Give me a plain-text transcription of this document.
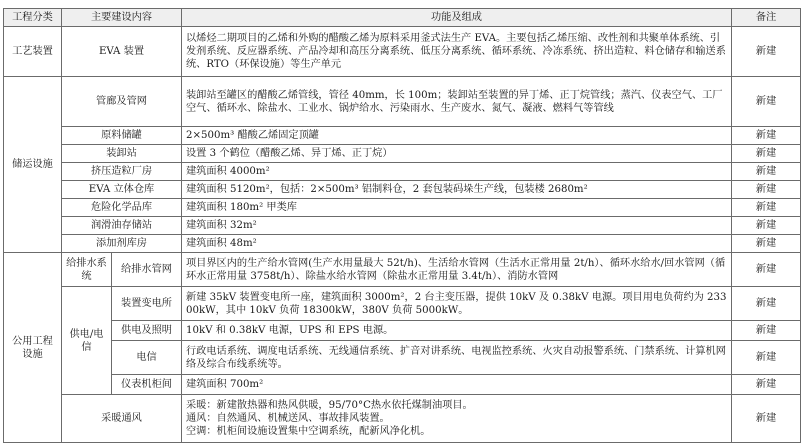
工程分类	主要建设内容		功能及组成	备注
工艺装置	EVA 装置		以烯烃二期项目的乙烯和外购的醋酸乙烯为原料采用釜式法生产 EVA。主要包括乙烯压缩、改性剂和共聚单体系统、引发剂系统、反应器系统、产品冷却和高压分离系统、低压分离系统、循环系统、冷冻系统、挤出造粒、料仓储存和输送系统、RTO（环保设施）等生产单元	新建
储运设施	管廊及管网		装卸站至罐区的醋酸乙烯管线，管径 40mm，长 100m；装卸站至装置的异丁烯、正丁烷管线；蒸汽、仪表空气、工厂空气、循环水、除盐水、工业水、锅炉给水、污染雨水、生产废水、氮气、凝液、燃料气等管线	新建
	原料储罐		2×500m³ 醋酸乙烯固定顶罐	新建
	装卸站		设置 3 个鹤位（醋酸乙烯、异丁烯、正丁烷）	新建
	挤压造粒厂房		建筑面积 4000m²	新建
	EVA 立体仓库		建筑面积 5120m²，包括：2×500m³ 铝制料仓，2 套包装码垛生产线，包装楼 2680m²	新建
	危险化学品库		建筑面积 180m² 甲类库	新建
	润滑油存储站		建筑面积 32m²	新建
	添加剂库房		建筑面积 48m²	新建
公用工程设施	给排水系统	给排水管网	项目界区内的生产给水管网(生产水用量最大 52t/h)、生活给水管网（生活水正常用量 2t/h）、循环水给水/回水管网（循环水正常用量 3758t/h）、除盐水给水管网（除盐水正常用量 3.4t/h）、消防水管网	新建
	供电/电信	装置变电所	新建 35kV 装置变电所一座，建筑面积 3000m²，2 台主变压器，提供 10kV 及 0.38kV 电源。项目用电负荷约为 23300kW，其中 10kV 负荷 18300kW，380V 负荷 5000kW。	新建
		供电及照明	10kV 和 0.38kV 电源，UPS 和 EPS 电源。	新建
		电信	行政电话系统、调度电话系统、无线通信系统、扩音对讲系统、电视监控系统、火灾自动报警系统、门禁系统、计算机网络及综合布线系统等。	新建
		仪表机柜间	建筑面积 700m²	新建
	采暖通风		采暖：新建散热器和热风供暖，95/70°C热水依托煤制油项目。
通风：自然通风、机械送风、事故排风装置。
空调：机柜间设施设置集中空调系统，配新风净化机。	新建
